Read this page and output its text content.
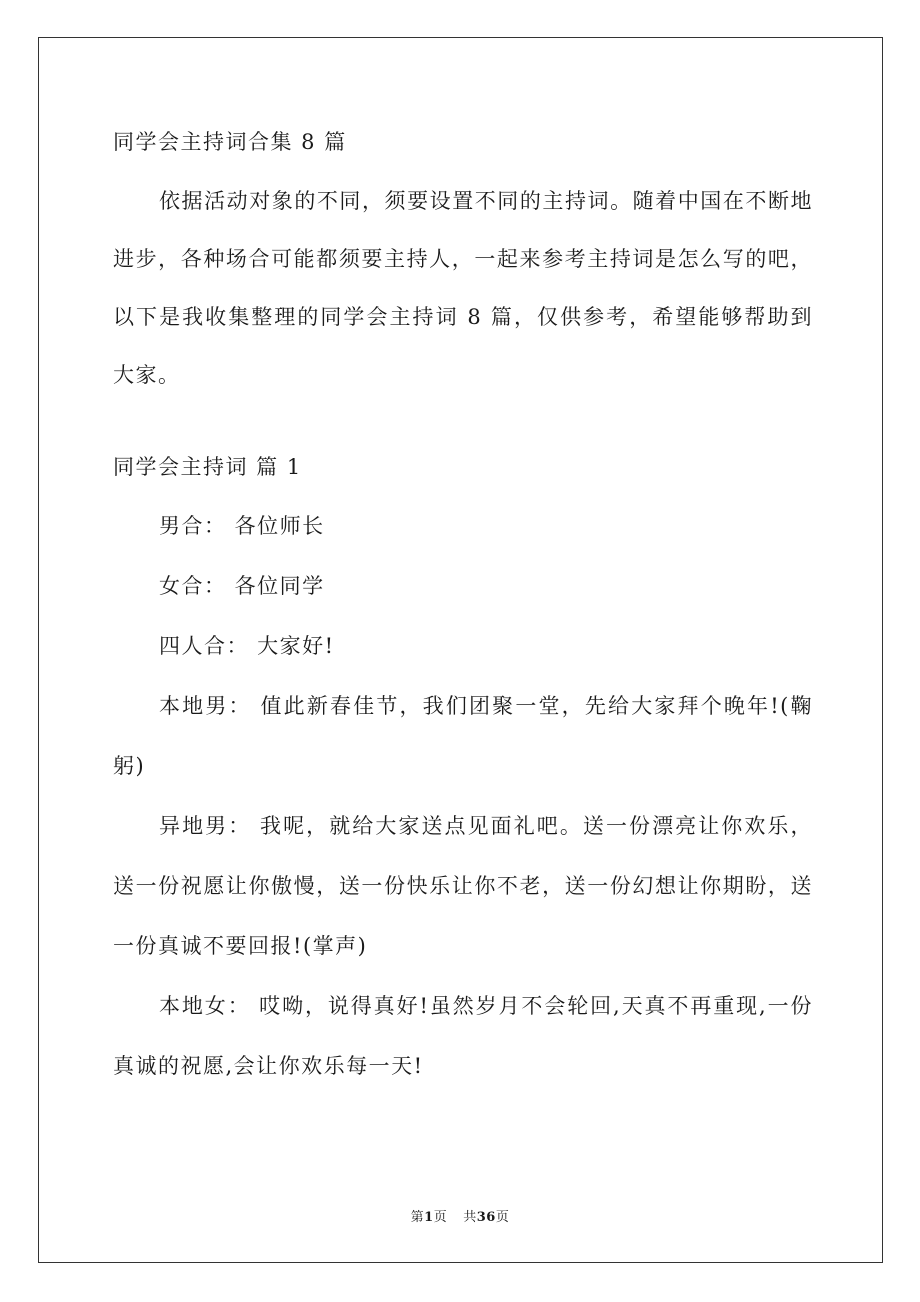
同学会主持词合集 8 篇

依据活动对象的不同，须要设置不同的主持词。随着中国在不断地进步，各种场合可能都须要主持人，一起来参考主持词是怎么写的吧，以下是我收集整理的同学会主持词 8 篇，仅供参考，希望能够帮助到大家。

同学会主持词 篇 1

男合： 各位师长

女合： 各位同学

四人合： 大家好!

本地男： 值此新春佳节，我们团聚一堂，先给大家拜个晚年!(鞠躬)

异地男： 我呢，就给大家送点见面礼吧。送一份漂亮让你欢乐，送一份祝愿让你傲慢，送一份快乐让你不老，送一份幻想让你期盼，送一份真诚不要回报!(掌声)

本地女： 哎呦，说得真好!虽然岁月不会轮回,天真不再重现,一份真诚的祝愿,会让你欢乐每一天!

第1页 共36页
